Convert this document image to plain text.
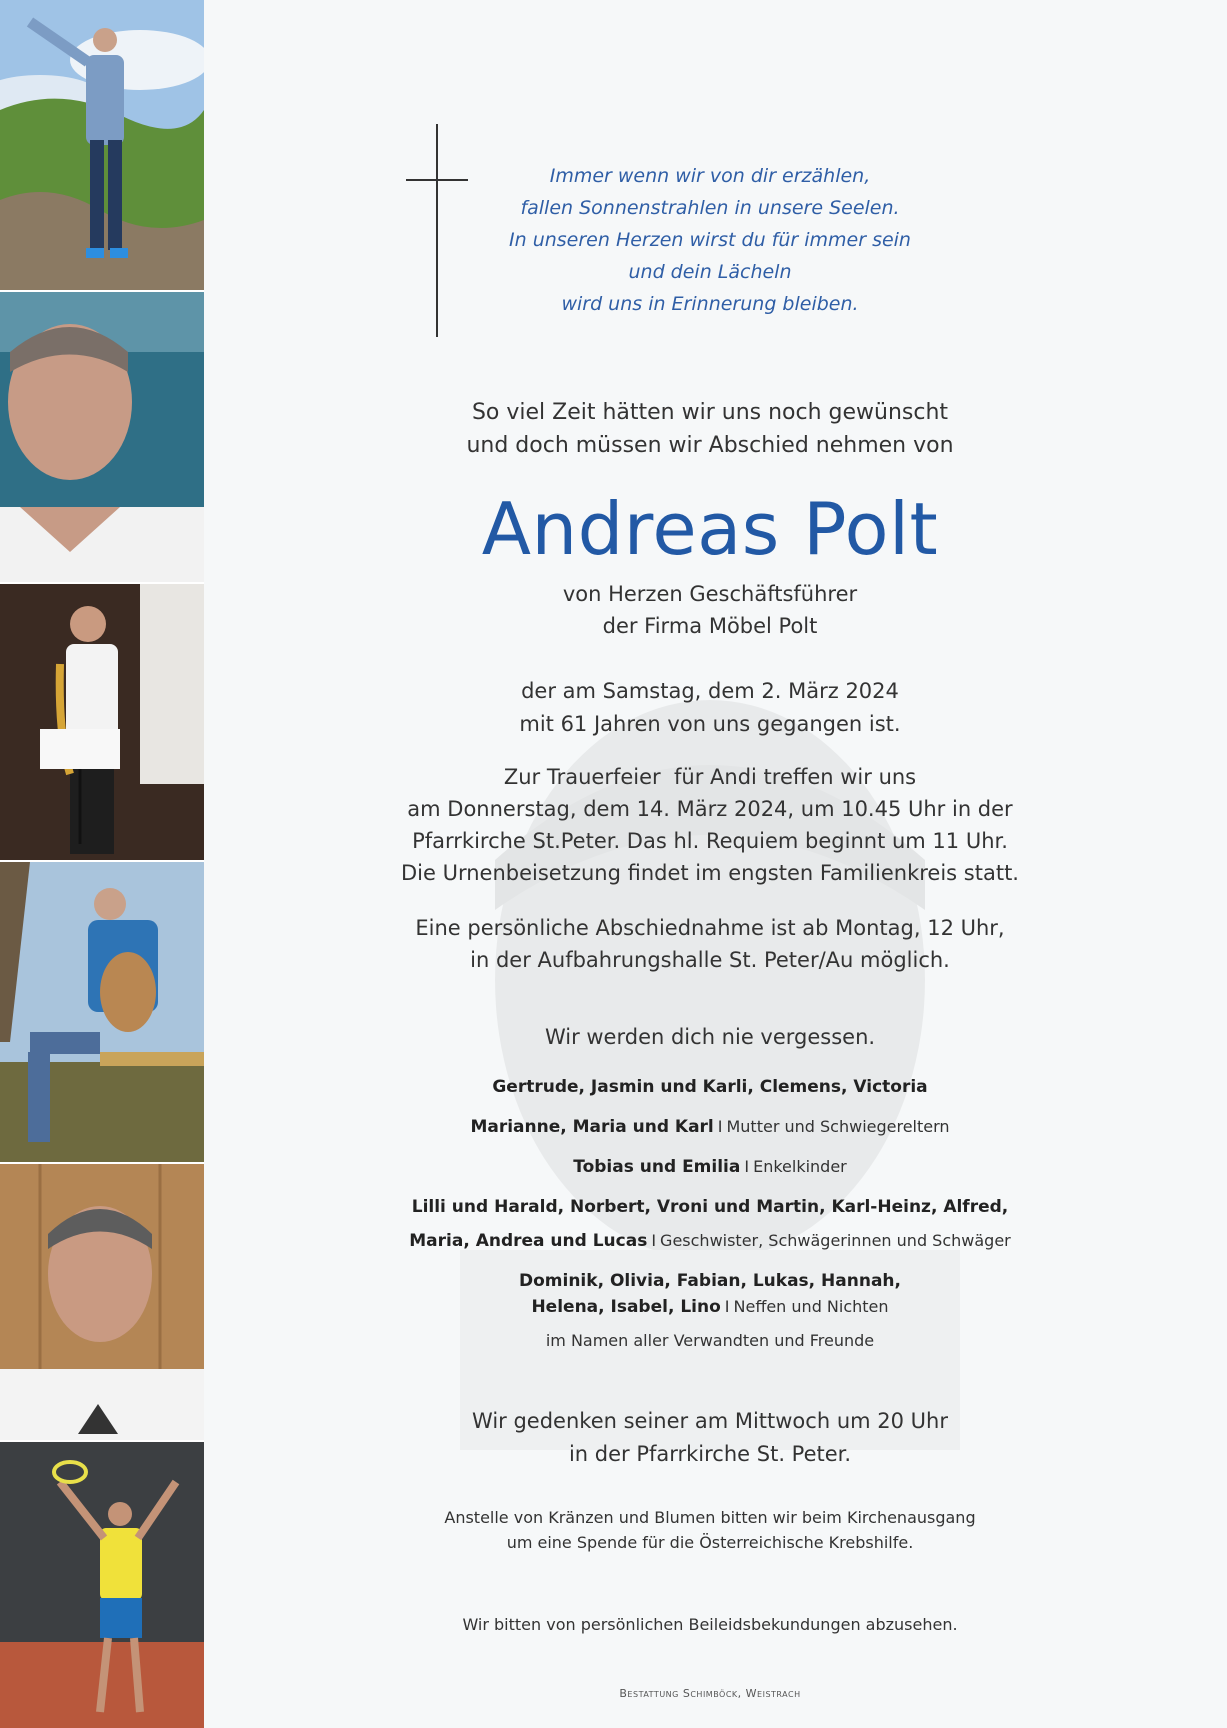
Immer wenn wir von dir erzählen,
fallen Sonnenstrahlen in unsere Seelen.
In unseren Herzen wirst du für immer sein
und dein Lächeln
wird uns in Erinnerung bleiben.
So viel Zeit hätten wir uns noch gewünscht
und doch müssen wir Abschied nehmen von
Andreas Polt
von Herzen Geschäftsführer
der Firma Möbel Polt
der am Samstag, dem 2. März 2024
mit 61 Jahren von uns gegangen ist.
Zur Trauerfeier  für Andi treffen wir uns
am Donnerstag, dem 14. März 2024, um 10.45 Uhr in der
Pfarrkirche St.Peter. Das hl. Requiem beginnt um 11 Uhr.
Die Urnenbeisetzung findet im engsten Familienkreis statt.
Eine persönliche Abschiednahme ist ab Montag, 12 Uhr,
in der Aufbahrungshalle St. Peter/Au möglich.
Wir werden dich nie vergessen.
Gertrude, Jasmin und Karli, Clemens, Victoria
Marianne, Maria und Karl I Mutter und Schwiegereltern
Tobias und Emilia I Enkelkinder
Lilli und Harald, Norbert, Vroni und Martin, Karl-Heinz, Alfred,
Maria, Andrea und Lucas I Geschwister, Schwägerinnen und Schwäger
Dominik, Olivia, Fabian, Lukas, Hannah,
Helena, Isabel, Lino I Neffen und Nichten
im Namen aller Verwandten und Freunde
Wir gedenken seiner am Mittwoch um 20 Uhr
in der Pfarrkirche St. Peter.
Anstelle von Kränzen und Blumen bitten wir beim Kirchenausgang
um eine Spende für die Österreichische Krebshilfe.
Wir bitten von persönlichen Beileidsbekundungen abzusehen.
Bestattung Schimböck, Weistrach
